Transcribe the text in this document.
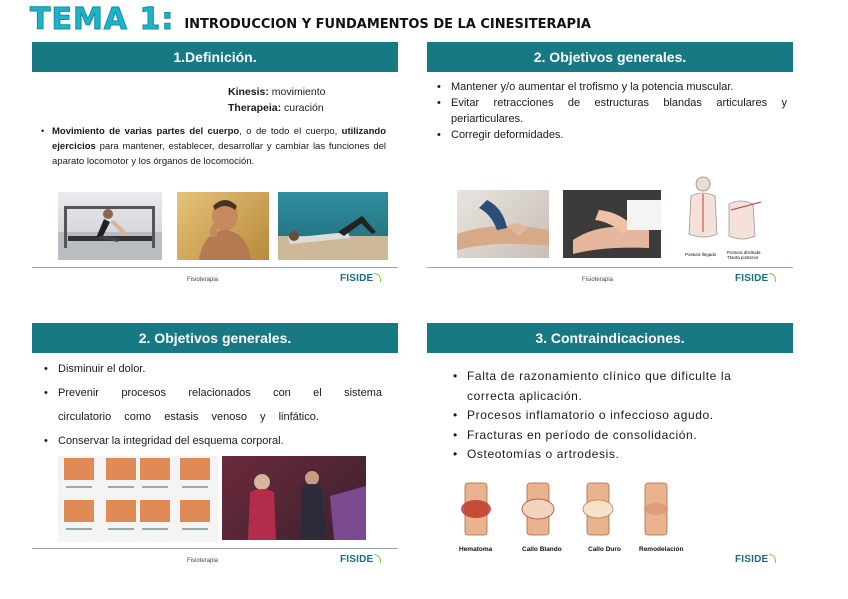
TEMA 1: INTRODUCCION Y FUNDAMENTOS DE LA CINESITERAPIA
1.Definición.
Kinesis: movimiento
Therapeia: curación
• Movimiento de varias partes del cuerpo, o de todo el cuerpo, utilizando ejercicios para mantener, establecer, desarrollar y cambiar las funciones del aparato locomotor y los órganos de locomoción.
Fisioterapia	FISIDE
2. Objetivos generales.
• Mantener y/o aumentar el trofismo y la potencia muscular.
• Evitar retracciones de estructuras blandas articulares y periarticulares.
• Corregir deformidades.
Postura llegado Postura distituda
Ttanta posterior
Fisioterapia	FISIDE
2. Objetivos generales.
• Disminuir el dolor.
• Prevenir procesos relacionados con el sistema circulatorio como estasis venoso y linfático.
• Conservar la integridad del esquema corporal.
Fisioterapia	FISIDE
3. Contraindicaciones.
• Falta de razonamiento clínico que dificulte la correcta aplicación.
• Procesos inflamatorio o infeccioso agudo.
• Fracturas en período de consolidación.
• Osteotomías o artrodesis.
Hematoma	Callo Blando	Callo Duro	Remodelación
FISIDE
